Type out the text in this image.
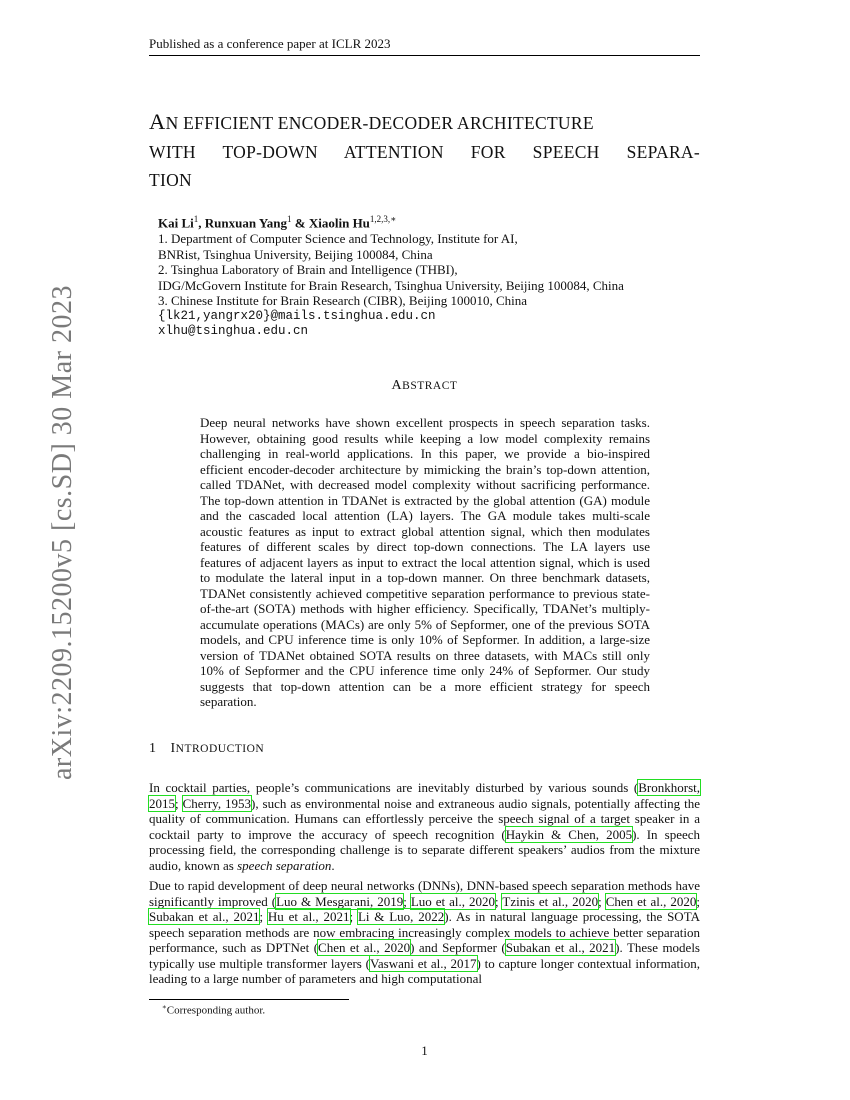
Published as a conference paper at ICLR 2023
arXiv:2209.15200v5 [cs.SD] 30 Mar 2023
AN EFFICIENT ENCODER-DECODER ARCHITECTURE
WITH TOP-DOWN ATTENTION FOR SPEECH SEPARA-
TION
Kai Li$^1$, Runxuan Yang$^1$ & Xiaolin $Hu^{1,2,3,∗}$
1. Department of Computer Science and Technology, Institute for AI,
BNRist, Tsinghua University, Beijing 100084, China
2. Tsinghua Laboratory of Brain and Intelligence (THBI),
IDG/McGovern Institute for Brain Research, Tsinghua University, Beijing 100084, China
3. Chinese Institute for Brain Research (CIBR), Beijing 100010, China
{lk21,yangrx20}@mails.tsinghua.edu.cn
xlhu@tsinghua.edu.cn
ABSTRACT
Deep neural networks have shown excellent prospects in speech separation tasks. However, obtaining good results while keeping a low model complexity remains challenging in real-world applications. In this paper, we provide a bio-inspired efficient encoder-decoder architecture by mimicking the brain’s top-down attention, called TDANet, with decreased model complexity without sacrificing performance. The top-down attention in TDANet is extracted by the global attention (GA) module and the cascaded local attention (LA) layers. The GA module takes multi-scale acoustic features as input to extract global attention signal, which then modulates features of different scales by direct top-down connections. The LA layers use features of adjacent layers as input to extract the local attention signal, which is used to modulate the lateral input in a top-down manner. On three benchmark datasets, TDANet consistently achieved competitive separation performance to previous state-of-the-art (SOTA) methods with higher efficiency. Specifically, TDANet’s multiply-accumulate operations (MACs) are only 5% of Sepformer, one of the previous SOTA models, and CPU inference time is only 10% of Sepformer. In addition, a large-size version of TDANet obtained SOTA results on three datasets, with MACs still only 10% of Sepformer and the CPU inference time only 24% of Sepformer. Our study suggests that top-down attention can be a more efficient strategy for speech separation.
1 INTRODUCTION
In cocktail parties, people’s communications are inevitably disturbed by various sounds (Bronkhorst, 2015; Cherry, 1953), such as environmental noise and extraneous audio signals, potentially affecting the quality of communication. Humans can effortlessly perceive the speech signal of a target speaker in a cocktail party to improve the accuracy of speech recognition (Haykin & Chen, 2005). In speech processing field, the corresponding challenge is to separate different speakers’ audios from the mixture audio, known as speech separation.
Due to rapid development of deep neural networks (DNNs), DNN-based speech separation methods have significantly improved (Luo & Mesgarani, 2019; Luo et al., 2020; Tzinis et al., 2020; Chen et al., 2020; Subakan et al., 2021; Hu et al., 2021; Li & Luo, 2022). As in natural language processing, the SOTA speech separation methods are now embracing increasingly complex models to achieve better separation performance, such as DPTNet (Chen et al., 2020) and Sepformer (Subakan et al., 2021). These models typically use multiple transformer layers (Vaswani et al., 2017) to capture longer contextual information, leading to a large number of parameters and high computational
∗Corresponding author.
1
